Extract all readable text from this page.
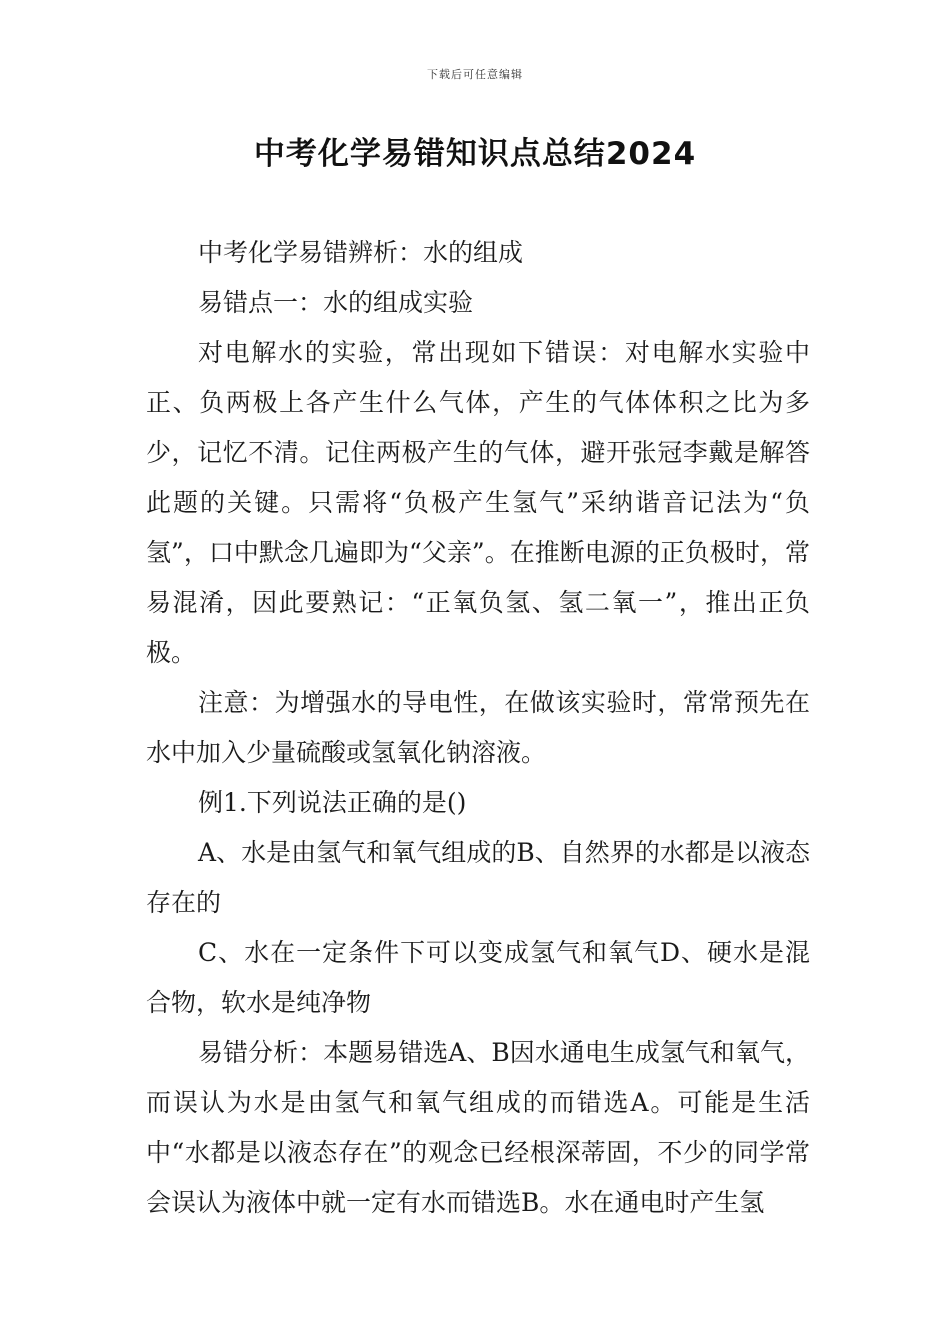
下载后可任意编辑
中考化学易错知识点总结2024

中考化学易错辨析：水的组成

易错点一：水的组成实验

对电解水的实验，常出现如下错误：对电解水实验中正、负两极上各产生什么气体，产生的气体体积之比为多少，记忆不清。记住两极产生的气体，避开张冠李戴是解答此题的关键。只需将“负极产生氢气”采纳谐音记法为“负氢”，口中默念几遍即为“父亲”。在推断电源的正负极时，常易混淆，因此要熟记：“正氧负氢、氢二氧一”，推出正负极。

注意：为增强水的导电性，在做该实验时，常常预先在水中加入少量硫酸或氢氧化钠溶液。

例1.下列说法正确的是()

A、水是由氢气和氧气组成的B、自然界的水都是以液态存在的

C、水在一定条件下可以变成氢气和氧气D、硬水是混合物，软水是纯净物

易错分析：本题易错选A、B因水通电生成氢气和氧气，而误认为水是由氢气和氧气组成的而错选A。可能是生活中“水都是以液态存在”的观念已经根深蒂固，不少的同学常会误认为液体中就一定有水而错选B。水在通电时产生氢
